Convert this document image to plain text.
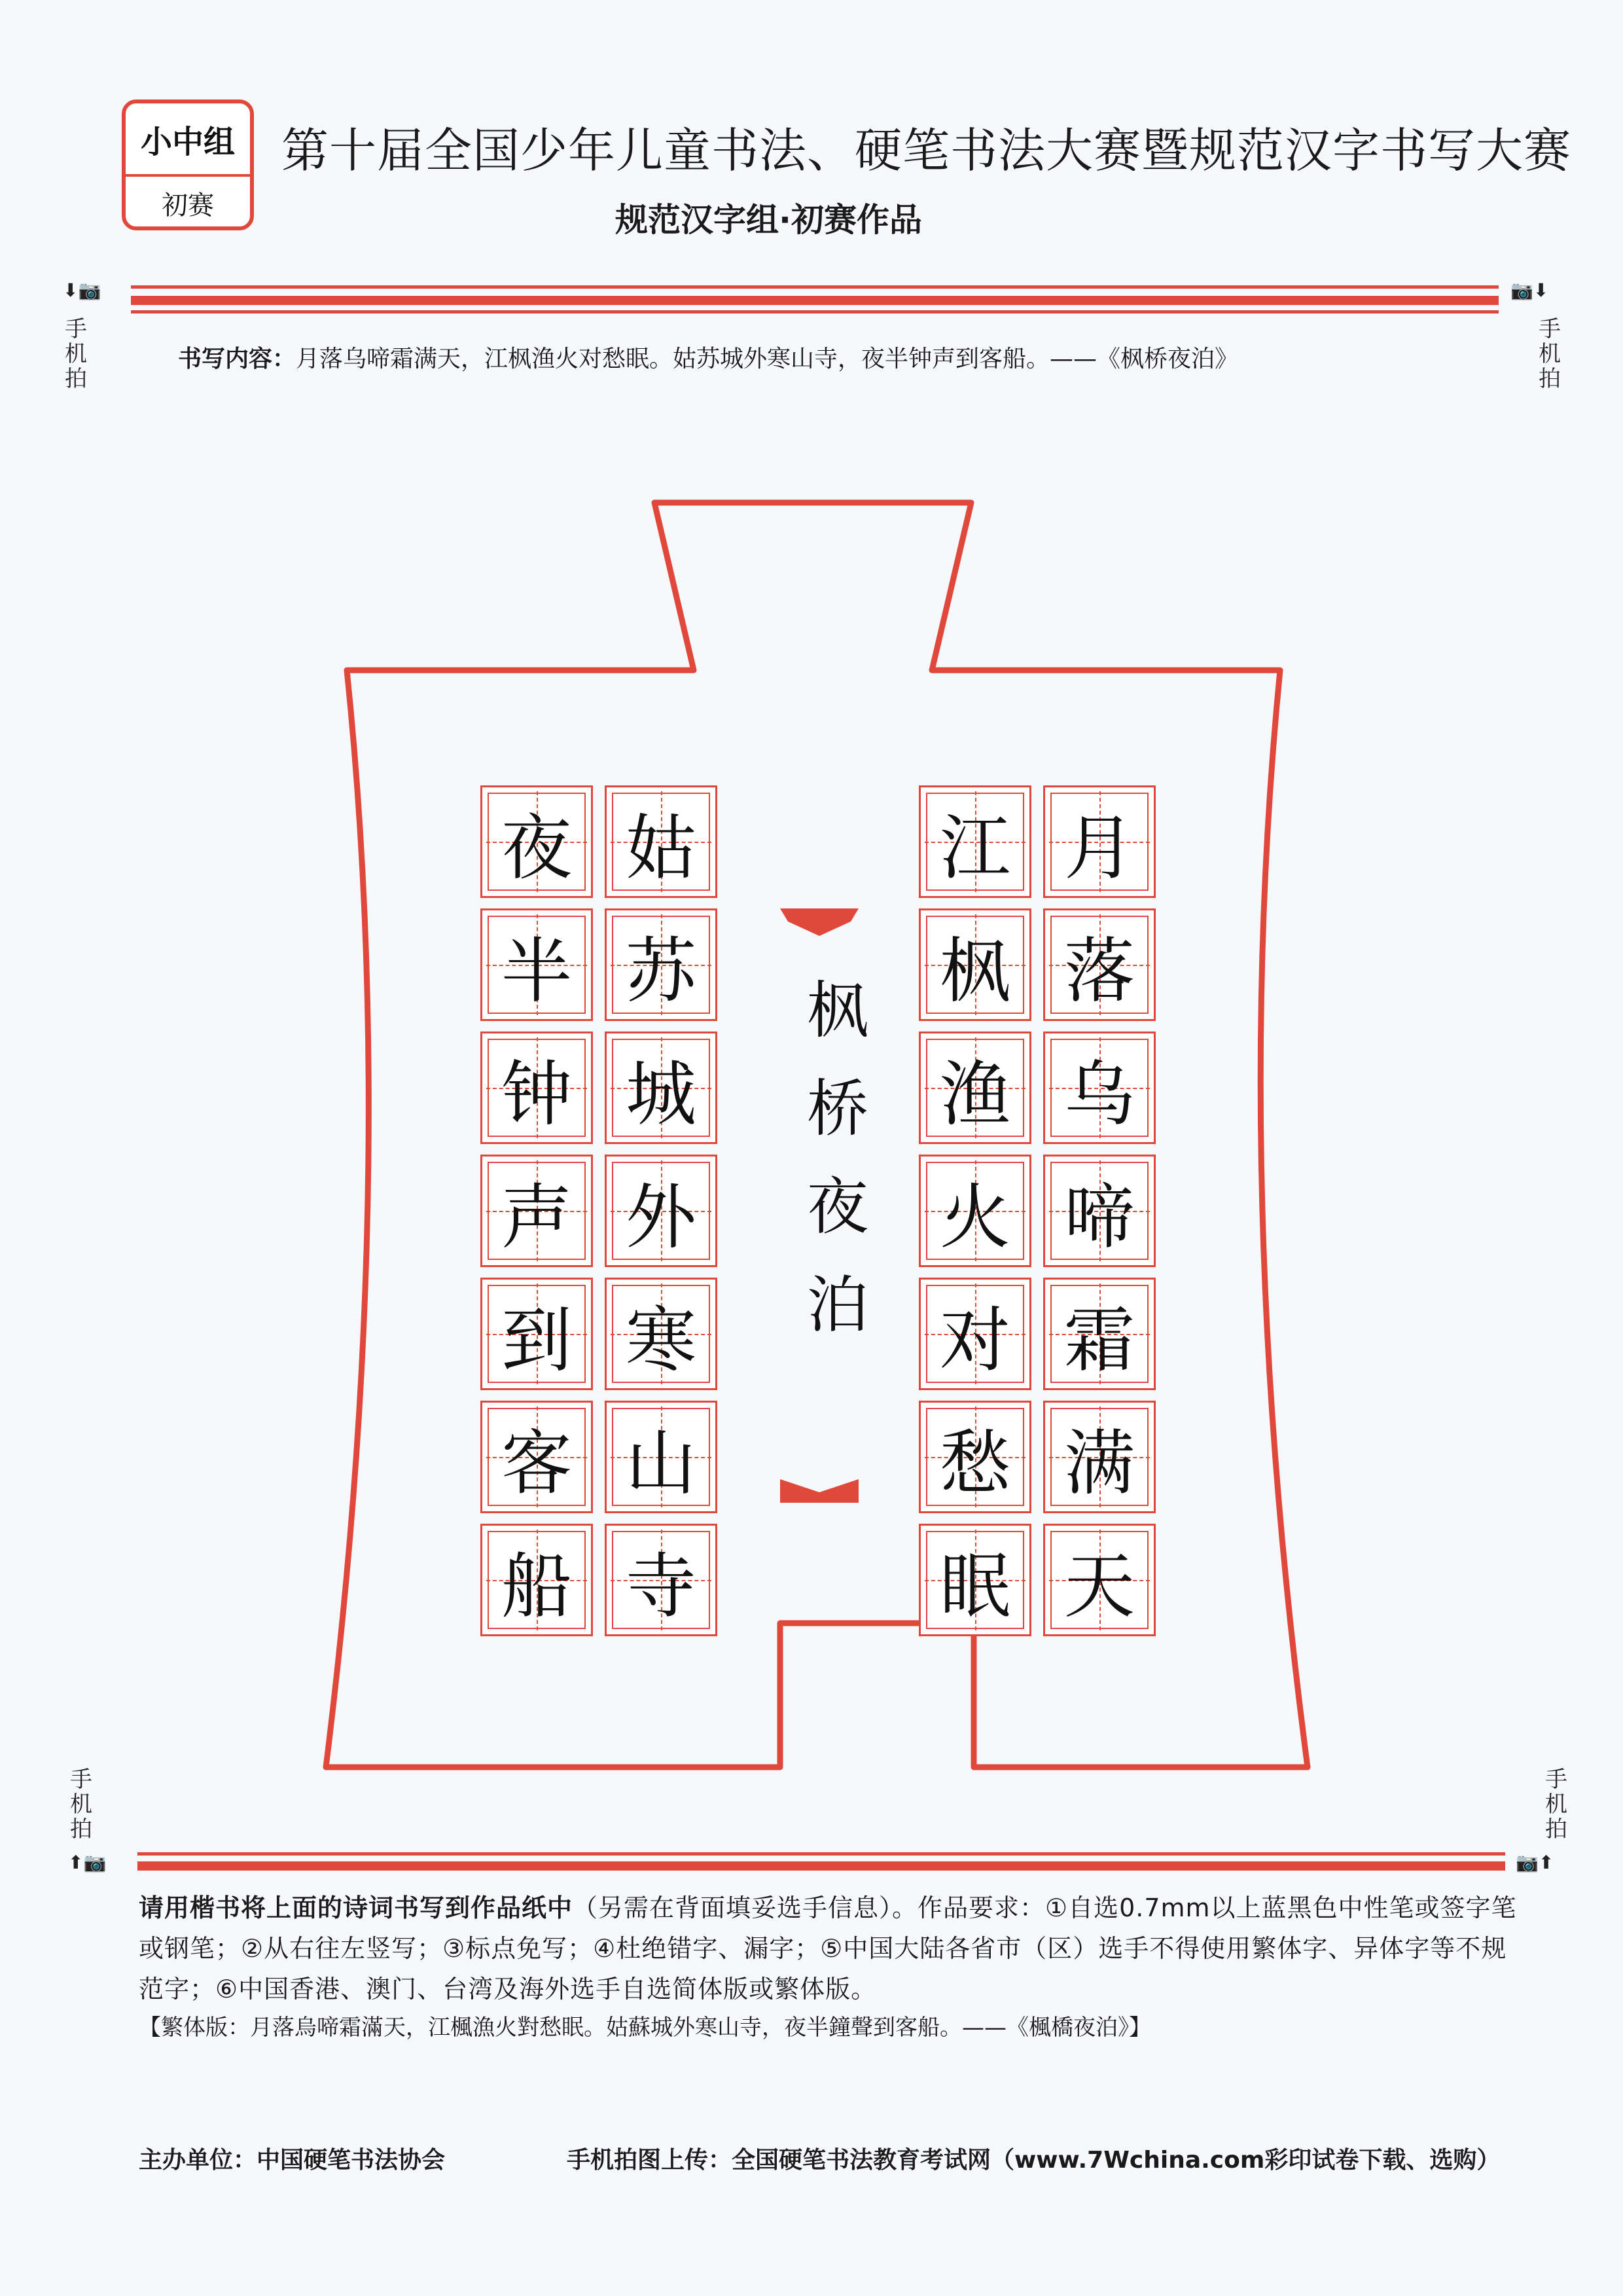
小中组
初赛
第十届全国少年儿童书法、硬笔书法大赛暨规范汉字书写大赛
规范汉字组·初赛作品
⬇📷
手机拍
📷⬇
手机拍
书写内容：月落乌啼霜满天，江枫渔火对愁眠。姑苏城外寒山寺，夜半钟声到客船。——《枫桥夜泊》
枫
桥
夜
泊
月
落
乌
啼
霜
满
天
江
枫
渔
火
对
愁
眠
姑
苏
城
外
寒
山
寺
夜
半
钟
声
到
客
船
手机拍
⬆📷
手机拍
📷⬆
请用楷书将上面的诗词书写到作品纸中（另需在背面填妥选手信息）。作品要求：①自选0.7mm以上蓝黑色中性笔或签字笔或钢笔；②从右往左竖写；③标点免写；④杜绝错字、漏字；⑤中国大陆各省市（区）选手不得使用繁体字、异体字等不规范字；⑥中国香港、澳门、台湾及海外选手自选简体版或繁体版。
【繁体版：月落烏啼霜滿天，江楓漁火對愁眠。姑蘇城外寒山寺，夜半鐘聲到客船。——《楓橋夜泊》】
主办单位：中国硬笔书法协会	手机拍图上传：全国硬笔书法教育考试网（www.7Wchina.com彩印试卷下载、选购）
